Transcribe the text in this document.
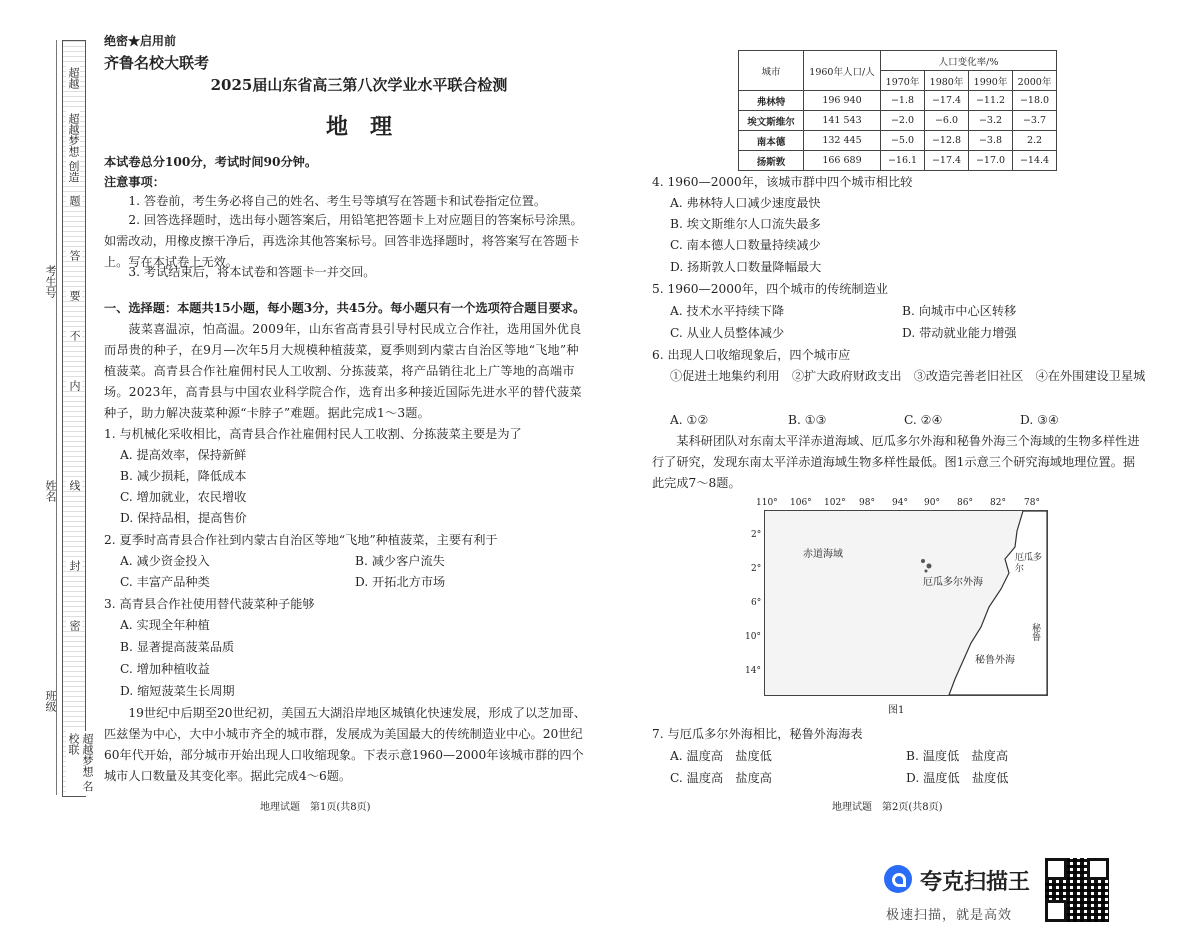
超越
超越梦想 创造
超越梦想 名校联
考生号
姓名
班级
题
答
要
不
内
线
封
密
绝密★启用前
齐鲁名校大联考
2025届山东省高三第八次学业水平联合检测
地　理
本试卷总分100分，考试时间90分钟。
注意事项：
1. 答卷前，考生务必将自己的姓名、考生号等填写在答题卡和试卷指定位置。
2. 回答选择题时，选出每小题答案后，用铅笔把答题卡上对应题目的答案标号涂黑。如需改动，用橡皮擦干净后，再选涂其他答案标号。回答非选择题时，将答案写在答题卡上。写在本试卷上无效。
3. 考试结束后，将本试卷和答题卡一并交回。
一、选择题：本题共15小题，每小题3分，共45分。每小题只有一个选项符合题目要求。
菠菜喜温凉，怕高温。2009年，山东省高青县引导村民成立合作社，选用国外优良而昂贵的种子，在9月—次年5月大规模种植菠菜，夏季则到内蒙古自治区等地“飞地”种植菠菜。高青县合作社雇佣村民人工收割、分拣菠菜，将产品销往北上广等地的高端市场。2023年，高青县与中国农业科学院合作，选育出多种接近国际先进水平的替代菠菜种子，助力解决菠菜种源“卡脖子”难题。据此完成1～3题。
1. 与机械化采收相比，高青县合作社雇佣村民人工收割、分拣菠菜主要是为了
A. 提高效率，保持新鲜
B. 减少损耗，降低成本
C. 增加就业，农民增收
D. 保持品相，提高售价
2. 夏季时高青县合作社到内蒙古自治区等地“飞地”种植菠菜，主要有利于
A. 减少资金投入	B. 减少客户流失
C. 丰富产品种类	D. 开拓北方市场
3. 高青县合作社使用替代菠菜种子能够
A. 实现全年种植
B. 显著提高菠菜品质
C. 增加种植收益
D. 缩短菠菜生长周期
19世纪中后期至20世纪初，美国五大湖沿岸地区城镇化快速发展，形成了以芝加哥、匹兹堡为中心，大中小城市齐全的城市群，发展成为美国最大的传统制造业中心。20世纪60年代开始，部分城市开始出现人口收缩现象。下表示意1960—2000年该城市群的四个城市人口数量及其变化率。据此完成4～6题。
地理试题　第1页(共8页)
城市	1960年人口/人	人口变化率/%			
		1970年	1980年	1990年	2000年
弗林特	196 940	−1.8	−17.4	−11.2	−18.0
埃文斯维尔	141 543	−2.0	−6.0	−3.2	−3.7
南本德	132 445	−5.0	−12.8	−3.8	2.2
扬斯敦	166 689	−16.1	−17.4	−17.0	−14.4
4. 1960—2000年，该城市群中四个城市相比较
A. 弗林特人口减少速度最快
B. 埃文斯维尔人口流失最多
C. 南本德人口数量持续减少
D. 扬斯敦人口数量降幅最大
5. 1960—2000年，四个城市的传统制造业
A. 技术水平持续下降	B. 向城市中心区转移
C. 从业人员整体减少	D. 带动就业能力增强
6. 出现人口收缩现象后，四个城市应
①促进土地集约利用　②扩大政府财政支出　③改造完善老旧社区　④在外围建设卫星城
A. ①②	B. ①③	C. ②④	D. ③④
某科研团队对东南太平洋赤道海域、厄瓜多尔外海和秘鲁外海三个海域的生物多样性进行了研究，发现东南太平洋赤道海域生物多样性最低。图1示意三个研究海域地理位置。据此完成7～8题。
110° 106° 102° 98° 94° 90° 86° 82° 78°
2°
2°
6°
10°
14°
赤道海域
厄瓜多尔外海
秘鲁外海
厄瓜多尔
秘鲁
图1
7. 与厄瓜多尔外海相比，秘鲁外海海表
A. 温度高　盐度低	B. 温度低　盐度高
C. 温度高　盐度高	D. 温度低　盐度低
地理试题　第2页(共8页)
夸克扫描王
极速扫描，就是高效
